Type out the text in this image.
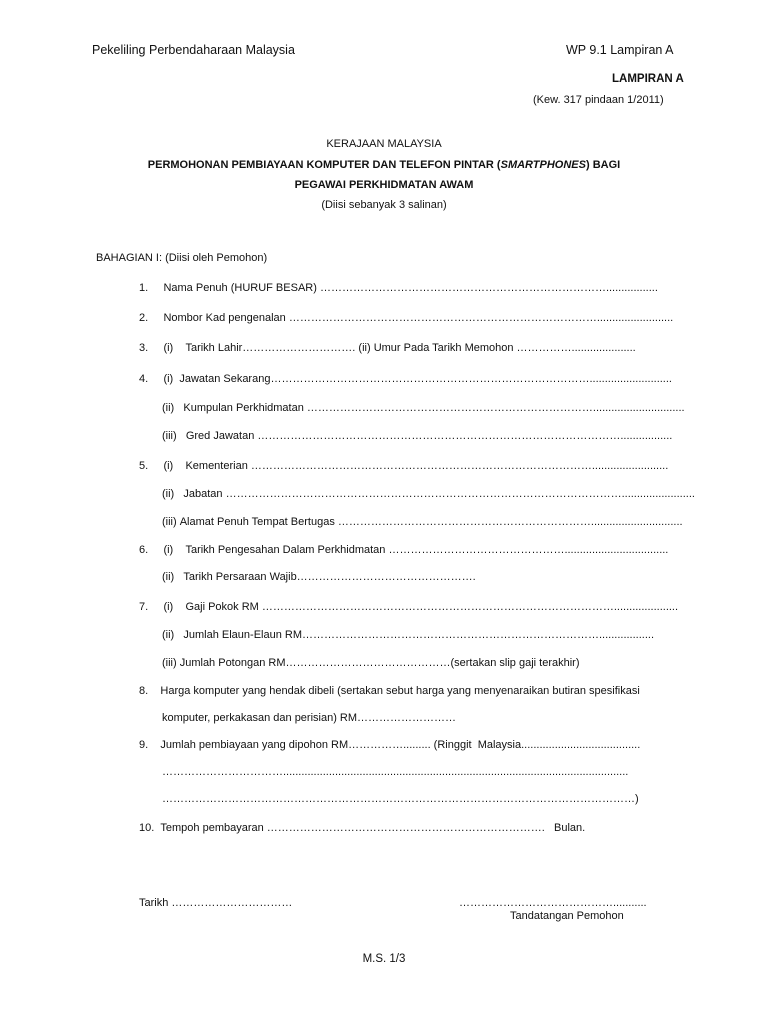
Pekeliling Perbendaharaan Malaysia	WP 9.1 Lampiran A
LAMPIRAN A
(Kew. 317 pindaan 1/2011)
KERAJAAN MALAYSIA
PERMOHONAN PEMBIAYAAN KOMPUTER DAN TELEFON PINTAR (SMARTPHONES) BAGI
PEGAWAI PERKHIDMATAN AWAM
(Diisi sebanyak 3 salinan)
BAHAGIAN I: (Diisi oleh Pemohon)
1.     Nama Penuh (HURUF BESAR) …………………………………………………………………….................
2.     Nombor Kad pengenalan ………………………………………………………………………….........................
3.     (i)    Tarikh Lahir…………………………. (ii) Umur Pada Tarikh Memohon …………….....................
4.     (i)  Jawatan Sekarang……………………………………………………………………………...........................
(ii)   Kumpulan Perkhidmatan ……………………………………………………………………..............................
(iii)   Gred Jawatan ……………………………………………………………………………………….................
5.     (i)    Kementerian ………………………………………………………………………………….........................
(ii)   Jabatan ………………………………………………………………………………………………........................
(iii) Alamat Penuh Tempat Bertugas ……………………………………………………………..............................
6.     (i)    Tarikh Pengesahan Dalam Perkhidmatan …………………………………………..................................
(ii)   Tarikh Persaraan Wajib………………………………………….
7.     (i)    Gaji Pokok RM …………………………………………………………………………………….....................
(ii)   Jumlah Elaun-Elaun RM………………………………………………………………………..................
(iii) Jumlah Potongan RM………………………………………(sertakan slip gaji terakhir)
8.    Harga komputer yang hendak dibeli (sertakan sebut harga yang menyenaraikan butiran spesifikasi
komputer, perkakasan dan perisian) RM………………………
9.    Jumlah pembiayaan yang dipohon RM……………......... (Ringgit  Malaysia.......................................
…………………………….................................................................................................................
…………………………………………………………………………………………………………………)
10.  Tempoh pembayaran ………………………………………………………………….   Bulan.
Tarikh ……………………………	……………………………………...........
Tandatangan Pemohon
M.S. 1/3
